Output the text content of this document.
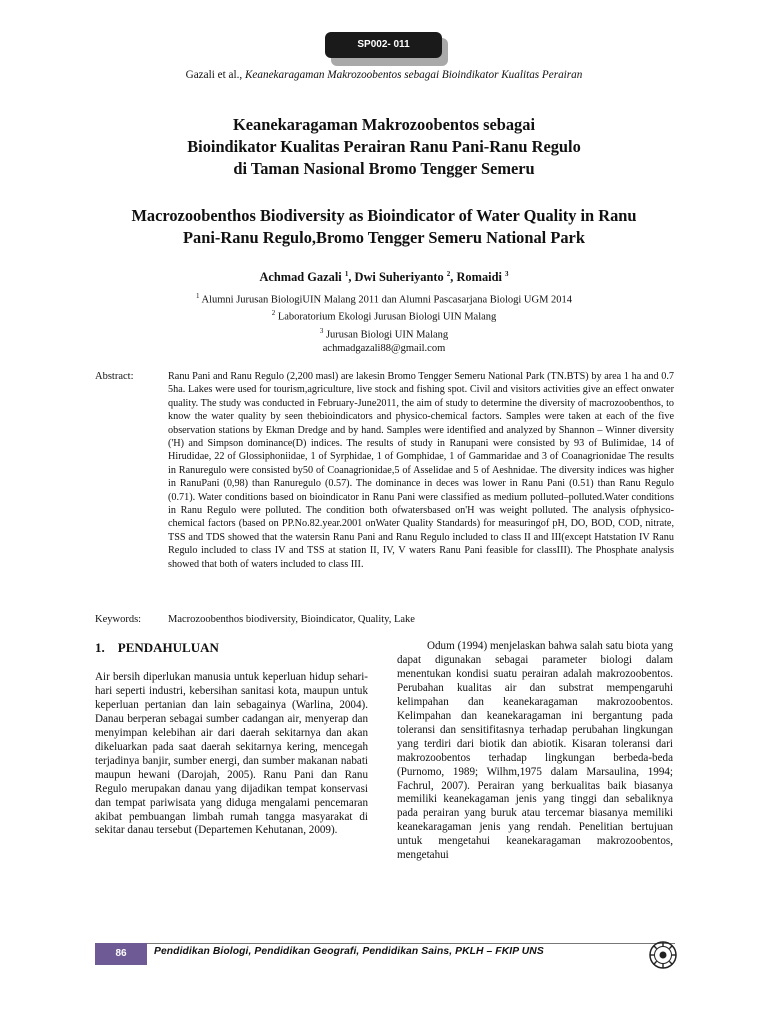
SP002- 011
Gazali et al., Keanekaragaman Makrozoobentos sebagai Bioindikator Kualitas Perairan
Keanekaragaman Makrozoobentos sebagai
Bioindikator Kualitas Perairan Ranu Pani-Ranu Regulo
di Taman Nasional Bromo Tengger Semeru
Macrozoobenthos Biodiversity as Bioindicator of Water Quality in Ranu
Pani-Ranu Regulo,Bromo Tengger Semeru National Park
Achmad Gazali $^1$, Dwi Suheriyanto $^2$, Romaidi $^3$
$^1$ Alumni Jurusan BiologiUIN Malang 2011 dan Alumni Pascasarjana Biologi UGM 2014
$^2$ Laboratorium Ekologi Jurusan Biologi UIN Malang
$^3$ Jurusan Biologi UIN Malang
achmadgazali88@gmail.com
Abstract:	Ranu Pani and Ranu Regulo (2,200 masl) are lakesin Bromo Tengger Semeru National Park (TN.BTS) by area 1 ha and 0.7 5ha. Lakes were used for tourism,agriculture, live stock and fishing spot. Civil and visitors activities give an effect onwater quality. The study was conducted in February-June2011, the aim of study to determine the diversity of macrozoobenthos, to know the water quality by seen thebioindicators and physico-chemical factors. Samples were taken at each of the five observation stations by Ekman Dredge and by hand. Samples were identified and analyzed by Shannon – Winner diversity ('H) and Simpson dominance(D) indices. The results of study in Ranupani were consisted by 93 of Bulimidae, 14 of Hirudidae, 22 of Glossiphoniidae, 1 of Syrphidae, 1 of Gomphidae, 1 of Gammaridae and 3 of Coanagrionidae The results in Ranuregulo were consisted by50 of Coanagrionidae,5 of Asselidae and 5 of Aeshnidae. The diversity indices was higher in RanuPani (0,98) than Ranuregulo (0.57). The dominance in deces was lower in Ranu Pani (0.51) than Ranu Regulo (0.71). Water conditions based on bioindicator in Ranu Pani were classified as medium polluted–polluted.Water conditions in Ranu Regulo were polluted. The condition both ofwatersbased on'H was weight polluted. The analysis ofphysico-chemical factors (based on PP.No.82.year.2001 onWater Quality Standards) for measuringof pH, DO, BOD, COD, nitrate, TSS and TDS showed that the watersin Ranu Pani and Ranu Regulo included to class II and III(except Hatstation IV Ranu Regulo included to class IV and TSS at station II, IV, V waters Ranu Pani feasible for classIII). The Phosphate analysis showed that both of waters included to class III.
Keywords:	Macrozoobenthos biodiversity, Bioindicator, Quality, Lake
1.    PENDAHULUAN

Air bersih diperlukan manusia untuk keperluan hidup sehari-hari seperti industri, kebersihan sanitasi kota, maupun untuk keperluan pertanian dan lain sebagainya (Warlina, 2004). Danau berperan sebagai sumber cadangan air, menyerap dan menyimpan kelebihan air dari daerah sekitarnya dan akan dikeluarkan pada saat daerah sekitarnya kering, mencegah terjadinya banjir, sumber energi, dan sumber makanan nabati maupun hewani (Darojah, 2005). Ranu Pani dan Ranu Regulo merupakan danau yang dijadikan tempat konservasi dan tempat pariwisata yang diduga mengalami pencemaran akibat pembuangan limbah rumah tangga masyarakat di sekitar danau tersebut (Departemen Kehutanan, 2009).

Odum (1994) menjelaskan bahwa salah satu biota yang dapat digunakan sebagai parameter biologi dalam menentukan kondisi suatu perairan adalah makrozoobentos. Perubahan kualitas air dan substrat mempengaruhi kelimpahan dan keanekaragaman makrozoobentos. Kelimpahan dan keanekaragaman ini bergantung pada toleransi dan sensitifitasnya terhadap perubahan lingkungan yang terdiri dari biotik dan abiotik. Kisaran toleransi dari makrozoobentos terhadap lingkungan berbeda-beda (Purnomo, 1989; Wilhm,1975 dalam Marsaulina, 1994; Fachrul, 2007). Perairan yang berkualitas baik biasanya memiliki keanekagaman jenis yang tinggi dan sebaliknya pada perairan yang buruk atau tercemar biasanya memiliki keanekaragaman jenis yang rendah. Penelitian bertujuan untuk mengetahui keanekaragaman makrozoobentos, mengetahui

86	Pendidikan Biologi, Pendidikan Geografi, Pendidikan Sains, PKLH – FKIP UNS
